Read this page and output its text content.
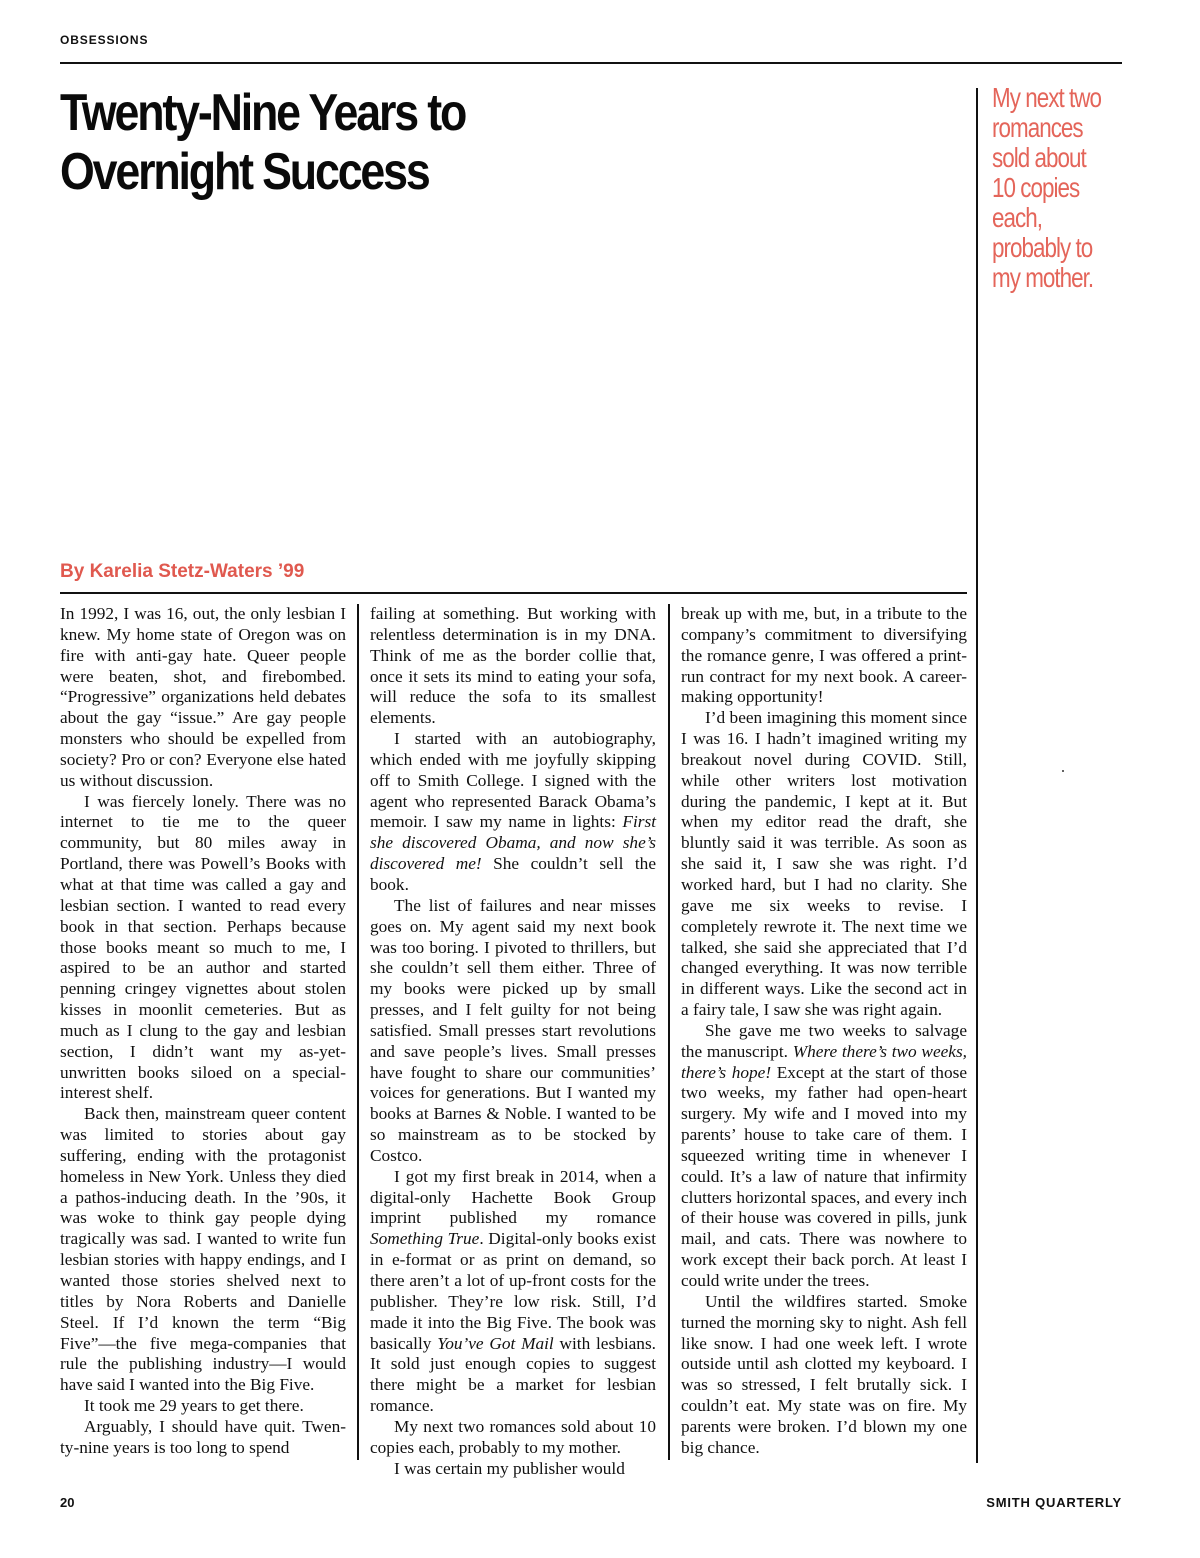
OBSESSIONS
Twenty-Nine Years to
Overnight Success
My next two romances sold about 10 copies each, probably to my mother.
By Karelia Stetz-Waters ’99

In 1992, I was 16, out, the only lesbian I knew. My home state of Oregon was on fire with anti-gay hate. Queer people were beaten, shot, and firebombed. “Progressive” organizations held debates about the gay “issue.” Are gay people monsters who should be expelled from society? Pro or con? Everyone else hated us without discussion.

I was fiercely lonely. There was no internet to tie me to the queer community, but 80 miles away in Portland, there was Powell’s Books with what at that time was called a gay and lesbian section. I wanted to read every book in that section. Perhaps because those books meant so much to me, I aspired to be an author and started penning cringey vignettes about stolen kisses in moonlit cemeteries. But as much as I clung to the gay and lesbian section, I didn’t want my as-yet-unwritten books siloed on a special-interest shelf.

Back then, mainstream queer content was limited to stories about gay suffering, ending with the protagonist homeless in New York. Unless they died a pathos-inducing death. In the ’90s, it was woke to think gay people dying tragically was sad. I wanted to write fun lesbian stories with happy endings, and I wanted those stories shelved next to titles by Nora Roberts and Danielle Steel. If I’d known the term “Big Five”—the five mega-companies that rule the publishing industry—I would have said I wanted into the Big Five.

It took me 29 years to get there.

Arguably, I should have quit. Twenty-nine years is too long to spend

failing at something. But working with relentless determination is in my DNA. Think of me as the border collie that, once it sets its mind to eating your sofa, will reduce the sofa to its smallest elements.

I started with an autobiography, which ended with me joyfully skipping off to Smith College. I signed with the agent who represented Barack Obama’s memoir. I saw my name in lights: First she discovered Obama, and now she’s discovered me! She couldn’t sell the book.

The list of failures and near misses goes on. My agent said my next book was too boring. I pivoted to thrillers, but she couldn’t sell them either. Three of my books were picked up by small presses, and I felt guilty for not being satisfied. Small presses start revolutions and save people’s lives. Small presses have fought to share our communities’ voices for generations. But I wanted my books at Barnes & Noble. I wanted to be so mainstream as to be stocked by Costco.

I got my first break in 2014, when a digital-only Hachette Book Group imprint published my romance Something True. Digital-only books exist in e-format or as print on demand, so there aren’t a lot of up-front costs for the publisher. They’re low risk. Still, I’d made it into the Big Five. The book was basically You’ve Got Mail with lesbians. It sold just enough copies to suggest there might be a market for lesbian romance.

My next two romances sold about 10 copies each, probably to my mother.

I was certain my publisher would

break up with me, but, in a tribute to the company’s commitment to diversifying the romance genre, I was offered a print-run contract for my next book. A career-making opportunity!

I’d been imagining this moment since I was 16. I hadn’t imagined writing my breakout novel during COVID. Still, while other writers lost motivation during the pandemic, I kept at it. But when my editor read the draft, she bluntly said it was terrible. As soon as she said it, I saw she was right. I’d worked hard, but I had no clarity. She gave me six weeks to revise. I completely rewrote it. The next time we talked, she said she appreciated that I’d changed everything. It was now terrible in different ways. Like the second act in a fairy tale, I saw she was right again.

She gave me two weeks to salvage the manuscript. Where there’s two weeks, there’s hope! Except at the start of those two weeks, my father had open-heart surgery. My wife and I moved into my parents’ house to take care of them. I squeezed writing time in whenever I could. It’s a law of nature that infirmity clutters horizontal spaces, and every inch of their house was covered in pills, junk mail, and cats. There was nowhere to work except their back porch. At least I could write under the trees.

Until the wildfires started. Smoke turned the morning sky to night. Ash fell like snow. I had one week left. I wrote outside until ash clotted my keyboard. I was so stressed, I felt brutally sick. I couldn’t eat. My state was on fire. My parents were broken. I’d blown my one big chance.

20	SMITH QUARTERLY
